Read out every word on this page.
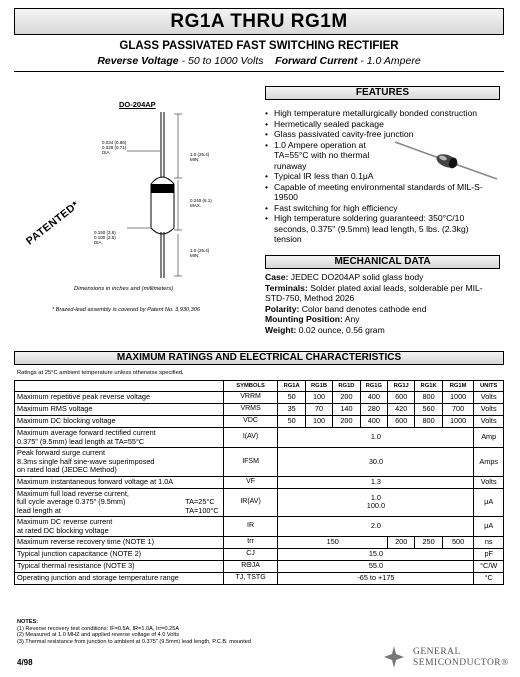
RG1A THRU RG1M
GLASS PASSIVATED FAST SWITCHING RECTIFIER
Reverse Voltage - 50 to 1000 Volts Forward Current - 1.0 Ampere
PATENTED*
DO-204AP
0.034 (0.86)
0.028 (0.71)
DIA.	1.0 (25.4)
MIN.
0.240 (6.1)
MAX.
0.150 (3.8)
0.100 (2.5)
DIA.
1.0 (25.4)
MIN.
Dimensions in inches and (millimeters)
* Brazed-lead assembly is covered by Patent No. 3,930,306
FEATURES
• High temperature metallurgically bonded construction
• Hermetically sealed package
• Glass passivated cavity-free junction
• 1.0 Ampere operation at TA=55°C with no thermal runaway
• Typical IR less than 0.1μA
• Capable of meeting environmental standards of MIL-S-19500
• Fast switching for high efficiency
• High temperature soldering guaranteed: 350°C/10 seconds, 0.375" (9.5mm) lead length, 5 lbs. (2.3kg) tension
MECHANICAL DATA
Case: JEDEC DO204AP solid glass body
Terminals: Solder plated axial leads, solderable per MIL-STD-750, Method 2026
Polarity: Color band denotes cathode end
Mounting Position: Any
Weight: 0.02 ounce, 0.56 gram
MAXIMUM RATINGS AND ELECTRICAL CHARACTERISTICS
Ratings at 25°C ambient temperature unless otherwise specified.
	SYMBOLS	RG1A	RG1B	RG1D	RG1G	RG1J	RG1K	RG1M	UNITS
Maximum repetitive peak reverse voltage	VRRM	50	100	200	400	600	800	1000	Volts
Maximum RMS voltage	VRMS	35	70	140	280	420	560	700	Volts
Maximum DC blocking voltage	VDC	50	100	200	400	600	800	1000	Volts
Maximum average forward rectified current
0.375" (9.5mm) lead length at TA=55°C	I(AV)	1.0							Amp
Peak forward surge current
8.3ms single half sine-wave superimposed
on rated load (JEDEC Method)	IFSM	30.0							Amps
Maximum instantaneous forward voltage at 1.0A	VF	1.3							Volts
Maximum full load reverse current,
full cycle average 0.375" (9.5mm)
lead length at
TA=25°C
TA=100°C	IR(AV)	1.0
100.0							μA
Maximum DC reverse current
at rated DC blocking voltage	IR	2.0							μA
Maximum reverse recovery time (NOTE 1)	trr	150				200	250	500	ns
Typical junction capacitance (NOTE 2)	CJ	15.0							pF
Typical thermal resistance (NOTE 3)	RΘJA	55.0							°C/W
Operating junction and storage temperature range	TJ, TSTG	-65 to +175							°C
NOTES:
(1) Reverse recovery test conditions: IF=0.5A, IR=1.0A, Irr=0.25A
(2) Measured at 1.0 MHZ and applied reverse voltage of 4.0 Volts
(3) Thermal resistance from junction to ambient at 0.375" (9.5mm) lead length, P.C.B. mounted
4/98
GENERAL
SEMICONDUCTOR®
